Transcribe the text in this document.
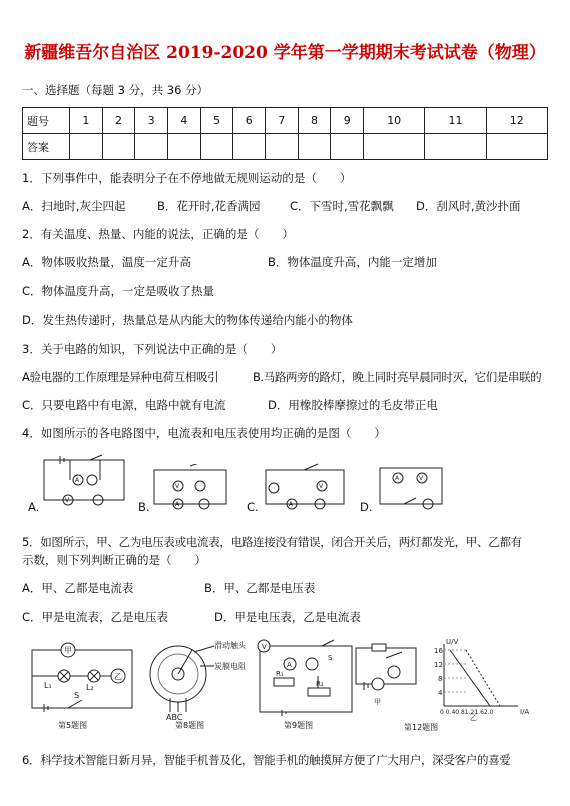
新疆维吾尔自治区 2019-2020 学年第一学期期末考试试卷（物理）
一、选择题（每题 3 分，共 36 分）
题号	1	2	3	4	5	6	7	8	9	10	11	12
答案												
1．下列事件中，能表明分子在不停地做无规则运动的是（　　）
A．扫地时,灰尘四起	B．花开时,花香满园	C．下雪时,雪花飘飘 D．刮风时,黄沙扑面
2．有关温度、热量、内能的说法，正确的是（　　）
A．物体吸收热量，温度一定升高	B．物体温度升高，内能一定增加
C．物体温度升高，一定是吸收了热量
D．发生热传递时，热量总是从内能大的物体传递给内能小的物体
3．关于电路的知识，下列说法中正确的是（　　）
A验电器的工作原理是异种电荷互相吸引	B.马路两旁的路灯，晚上同时亮早晨同时灭，它们是串联的
C．只要电路中有电源，电路中就有电流	D．用橡胶棒摩擦过的毛皮带正电
4．如图所示的各电路图中，电流表和电压表使用均正确的是图（　　）
A.	B.	C.	D.
A
V
V
A
V
A
A	V
5．如图所示，甲、乙为电压表或电流表，电路连接没有错误，闭合开关后，两灯都发光，甲、乙都有
示数，则下列判断正确的是（　　）
A．甲、乙都是电流表	B．甲、乙都是电压表
C．甲是电流表，乙是电压表	D．甲是电压表，乙是电流表
甲
乙
L₁	L₂
S
第5题图
滑动触头
炭膜电阻
ABC
第8题图
V
A
S
R₁
R₂
第9题图
U/V
16
12
8
4
0 0.40.81.21.62.0	I/A
甲
乙
第12题图
6．科学技术智能日新月异，智能手机普及化，智能手机的触摸屏方便了广大用户，深受客户的喜爱
